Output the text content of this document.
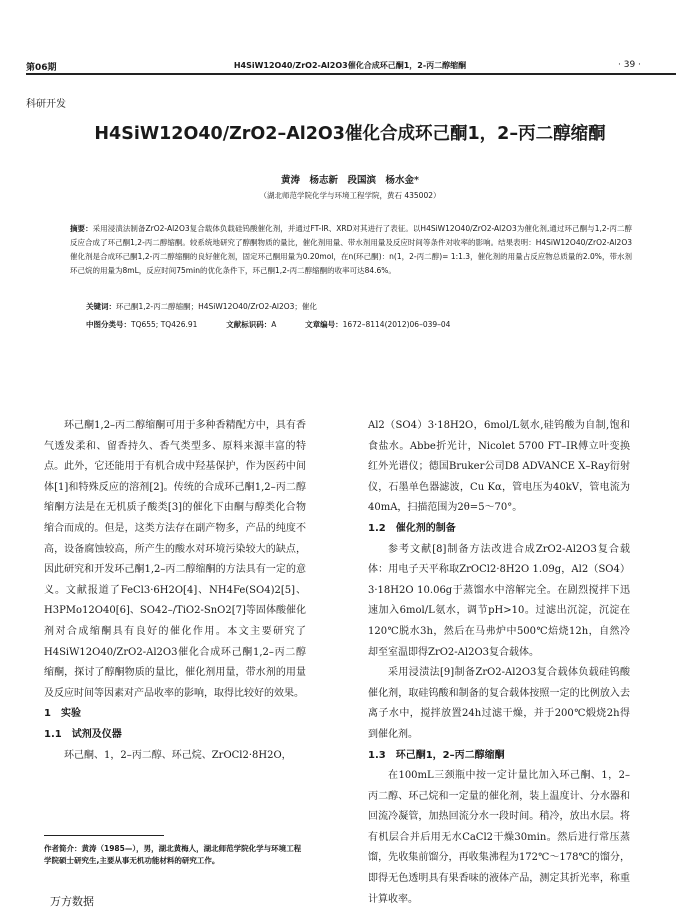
第06期	H4SiW12O40/ZrO2-Al2O3催化合成环己酮1，2-丙二醇缩酮	· 39 ·
科研开发
H4SiW12O40/ZrO2–Al2O3催化合成环己酮1，2–丙二醇缩酮
黄涛　杨志新　段国滨　杨水金*
（湖北师范学院化学与环境工程学院，黄石 435002）
摘要：采用浸渍法制备ZrO2-Al2O3复合载体负载硅钨酸催化剂，并通过FT-IR、XRD对其进行了表征。以H4SiW12O40/ZrO2-Al2O3为催化剂,通过环己酮与1,2-丙二醇反应合成了环己酮1,2-丙二醇缩酮。较系统地研究了醇酮物质的量比，催化剂用量、带水剂用量及反应时间等条件对收率的影响。结果表明：H4SiW12O40/ZrO2-Al2O3催化剂是合成环己酮1,2-丙二醇缩酮的良好催化剂，固定环己酮用量为0.20mol，在n(环己酮)：n(1，2-丙二醇)= 1:1.3，催化剂的用量占反应物总质量的2.0%，带水剂环己烷的用量为8mL，反应时间75min的优化条件下，环己酮1,2-丙二醇缩酮的收率可达84.6%。
关键词：环己酮1,2-丙二醇缩酮；H4SiW12O40/ZrO2-Al2O3；催化
中图分类号：TQ655; TQ426.91	文献标识码：A	文章编号：1672–8114(2012)06–039–04

环己酮1,2–丙二醇缩酮可用于多种香精配方中，具有香气透发柔和、留香持久、香气类型多、原料来源丰富的特点。此外，它还能用于有机合成中羟基保护，作为医药中间体[1]和特殊反应的溶剂[2]。传统的合成环己酮1,2–丙二醇缩酮方法是在无机质子酸类[3]的催化下由酮与醇类化合物缩合而成的。但是，这类方法存在副产物多，产品的纯度不高，设备腐蚀较高，所产生的酸水对环境污染较大的缺点，因此研究和开发环己酮1,2–丙二醇缩酮的方法具有一定的意义。文献报道了FeCl3·6H2O[4]、NH4Fe(SO4)2[5]、H3PMo12O40[6]、SO42–/TiO2-SnO2[7]等固体酸催化剂对合成缩酮具有良好的催化作用。本文主要研究了H4SiW12O40/ZrO2-Al2O3催化合成环己酮1,2–丙二醇缩酮，探讨了醇酮物质的量比，催化剂用量，带水剂的用量及反应时间等因素对产品收率的影响，取得比较好的效果。

1　实验

1.1　试剂及仪器

环己酮、1，2–丙二醇、环己烷、ZrOCl2·8H2O，

作者简介：黄涛（1985—），男，湖北黄梅人，湖北师范学院化学与环境工程学院硕士研究生,主要从事无机功能材料的研究工作。

Al2（SO4）3·18H2O，6mol/L氨水,硅钨酸为自制,饱和食盐水。Abbe折光计，Nicolet 5700 FT–IR傅立叶变换红外光谱仪；德国Bruker公司D8 ADVANCE X–Ray衍射仪，石墨单色器滤波，Cu Kα，管电压为40kV，管电流为40mA，扫描范围为2θ=5～70°。

1.2　催化剂的制备

参考文献[8]制备方法改进合成ZrO2-Al2O3复合载体：用电子天平称取ZrOCl2·8H2O 1.09g，Al2（SO4）3·18H2O 10.06g于蒸馏水中溶解完全。在剧烈搅拌下迅速加入6mol/L氨水，调节pH>10。过滤出沉淀，沉淀在120℃脱水3h，然后在马弗炉中500℃焙烧12h，自然冷却至室温即得ZrO2-Al2O3复合载体。

采用浸渍法[9]制备ZrO2-Al2O3复合载体负载硅钨酸催化剂，取硅钨酸和制备的复合载体按照一定的比例放入去离子水中，搅拌放置24h过滤干燥，并于200℃煅烧2h得到催化剂。

1.3　环己酮1，2–丙二醇缩酮

在100mL三颈瓶中按一定计量比加入环己酮、1，2–丙二醇、环己烷和一定量的催化剂，装上温度计、分水器和回流冷凝管，加热回流分水一段时间。稍冷，放出水层。将有机层合并后用无水CaCl2干燥30min。然后进行常压蒸馏，先收集前馏分，再收集沸程为172℃～178℃的馏分，即得无色透明具有果香味的液体产品，测定其折光率，称重计算收率。

万方数据
